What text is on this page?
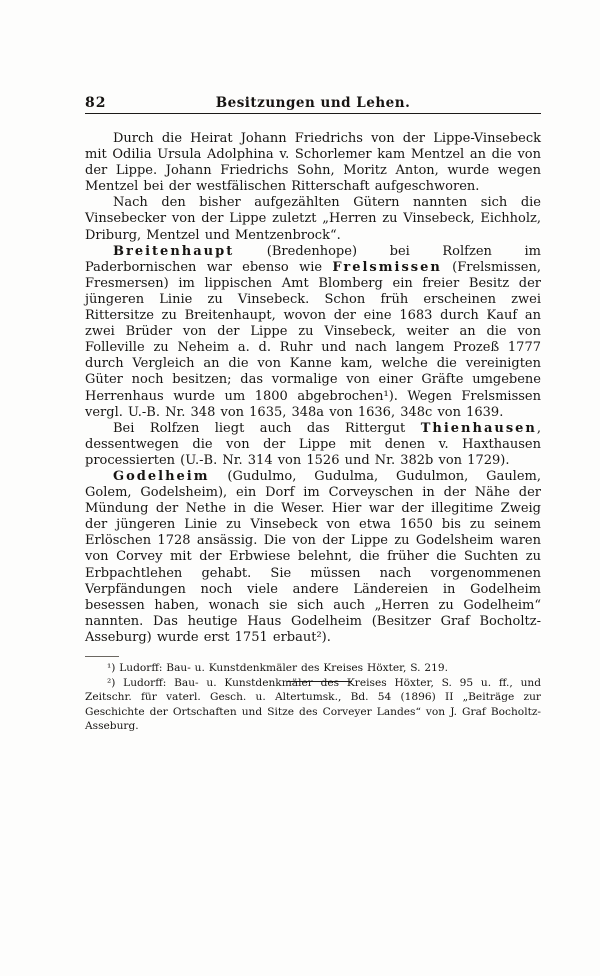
82	Besitzungen und Lehen.

Durch die Heirat Johann Friedrichs von der Lippe-Vinsebeck mit Odilia Ursula Adolphina v. Schorlemer kam Mentzel an die von der Lippe. Johann Friedrichs Sohn, Moritz Anton, wurde wegen Mentzel bei der westfälischen Ritterschaft aufgeschworen.

Nach den bisher aufgezählten Gütern nannten sich die Vinsebecker von der Lippe zuletzt „Herren zu Vinsebeck, Eichholz, Driburg, Mentzel und Mentzenbrock“.

Breitenhaupt (Bredenhope) bei Rolfzen im Paderbornischen war ebenso wie Frelsmissen (Frelsmissen, Fresmersen) im lippischen Amt Blomberg ein freier Besitz der jüngeren Linie zu Vinsebeck. Schon früh erscheinen zwei Rittersitze zu Breitenhaupt, wovon der eine 1683 durch Kauf an zwei Brüder von der Lippe zu Vinsebeck, weiter an die von Folleville zu Neheim a. d. Ruhr und nach langem Prozeß 1777 durch Vergleich an die von Kanne kam, welche die vereinigten Güter noch besitzen; das vormalige von einer Gräfte umgebene Herrenhaus wurde um 1800 abgebrochen¹). Wegen Frelsmissen vergl. U.-B. Nr. 348 von 1635, 348a von 1636, 348c von 1639.

Bei Rolfzen liegt auch das Rittergut Thienhausen, dessentwegen die von der Lippe mit denen v. Haxthausen processierten (U.-B. Nr. 314 von 1526 und Nr. 382b von 1729).

Godelheim (Gudulmo, Gudulma, Gudulmon, Gaulem, Golem, Godelsheim), ein Dorf im Corveyschen in der Nähe der Mündung der Nethe in die Weser. Hier war der illegitime Zweig der jüngeren Linie zu Vinsebeck von etwa 1650 bis zu seinem Erlöschen 1728 ansässig. Die von der Lippe zu Godelsheim waren von Corvey mit der Erbwiese belehnt, die früher die Suchten zu Erbpachtlehen gehabt. Sie müssen nach vorgenommenen Verpfändungen noch viele andere Ländereien in Godelheim besessen haben, wonach sie sich auch „Herren zu Godelheim“ nannten. Das heutige Haus Godelheim (Besitzer Graf Bocholtz-Asseburg) wurde erst 1751 erbaut²).

¹) Ludorff: Bau- u. Kunstdenkmäler des Kreises Höxter, S. 219.

²) Ludorff: Bau- u. Kunstdenkmäler des Kreises Höxter, S. 95 u. ff., und Zeitschr. für vaterl. Gesch. u. Altertumsk., Bd. 54 (1896) II „Beiträge zur Geschichte der Ortschaften und Sitze des Corveyer Landes“ von J. Graf Bocholtz-Asseburg.
